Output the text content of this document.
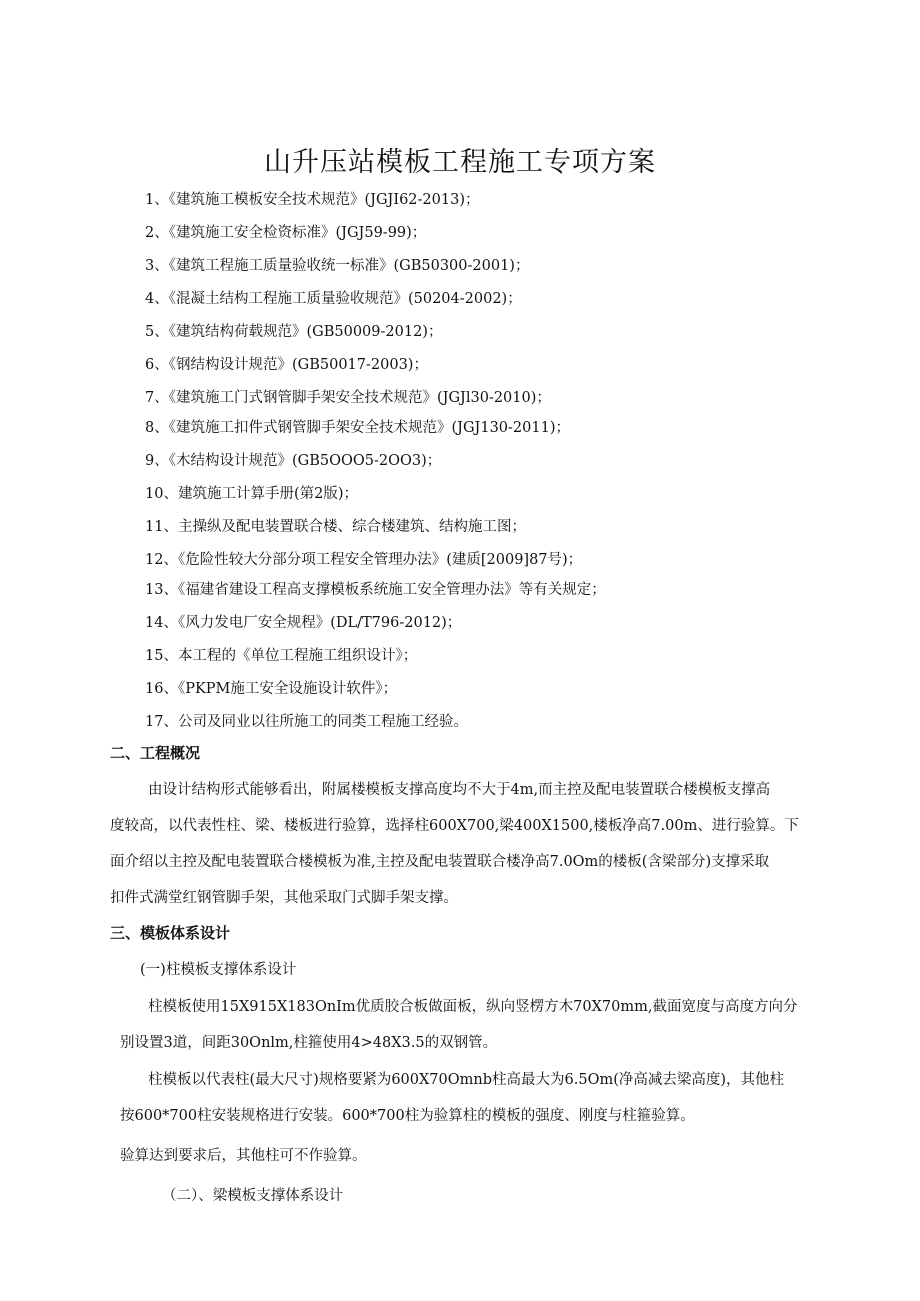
山升压站模板工程施工专项方案
1、《建筑施工模板安全技术规范》(JGJI62-2013)；
2、《建筑施工安全检资标准》(JGJ59-99)；
3、《建筑工程施工质量验收统一标准》(GB50300-2001)；
4、《混凝土结构工程施工质量验收规范》(50204-2002)；
5、《建筑结构荷载规范》(GB50009-2012)；
6、《钢结构设计规范》(GB50017-2003)；
7、《建筑施工门式钢管脚手架安全技术规范》(JGJl30-2010)；
8、《建筑施工扣件式钢管脚手架安全技术规范》(JGJ130-2011)；
9、《木结构设计规范》(GB5OOO5-2OO3)；
10、建筑施工计算手册(第2版)；
11、主操纵及配电装置联合楼、综合楼建筑、结构施工图；
12、《危险性较大分部分项工程安全管理办法》(建质[2009]87号)；
13、《福建省建设工程高支撑模板系统施工安全管理办法》等有关规定；
14、《风力发电厂安全规程》(DL/T796-2012)；
15、本工程的《单位工程施工组织设计》；
16、《PKPM施工安全设施设计软件》；
17、公司及同业以往所施工的同类工程施工经验。
二、工程概况
由设计结构形式能够看出，附属楼模板支撑高度均不大于4m,而主控及配电装置联合楼模板支撑高
度较高，以代表性柱、梁、楼板进行验算，选择柱600X700,梁400X1500,楼板净高7.00m、进行验算。下
面介绍以主控及配电装置联合楼模板为准,主控及配电装置联合楼净高7.0Om的楼板(含梁部分)支撑采取
扣件式满堂红钢管脚手架，其他采取门式脚手架支撑。
三、模板体系设计
(一)柱模板支撑体系设计
柱模板使用15X915X183OnIm优质胶合板做面板，纵向竖楞方木70X70mm,截面宽度与高度方向分
别设置3道，间距30Onlm,柱箍使用4>48X3.5的双钢管。
柱模板以代表柱(最大尺寸)规格要紧为600X70Omnb柱高最大为6.5Om(净高减去梁高度)，其他柱
按600*700柱安装规格进行安装。600*700柱为验算柱的模板的强度、刚度与柱箍验算。
验算达到要求后，其他柱可不作验算。
（二）、梁模板支撑体系设计
